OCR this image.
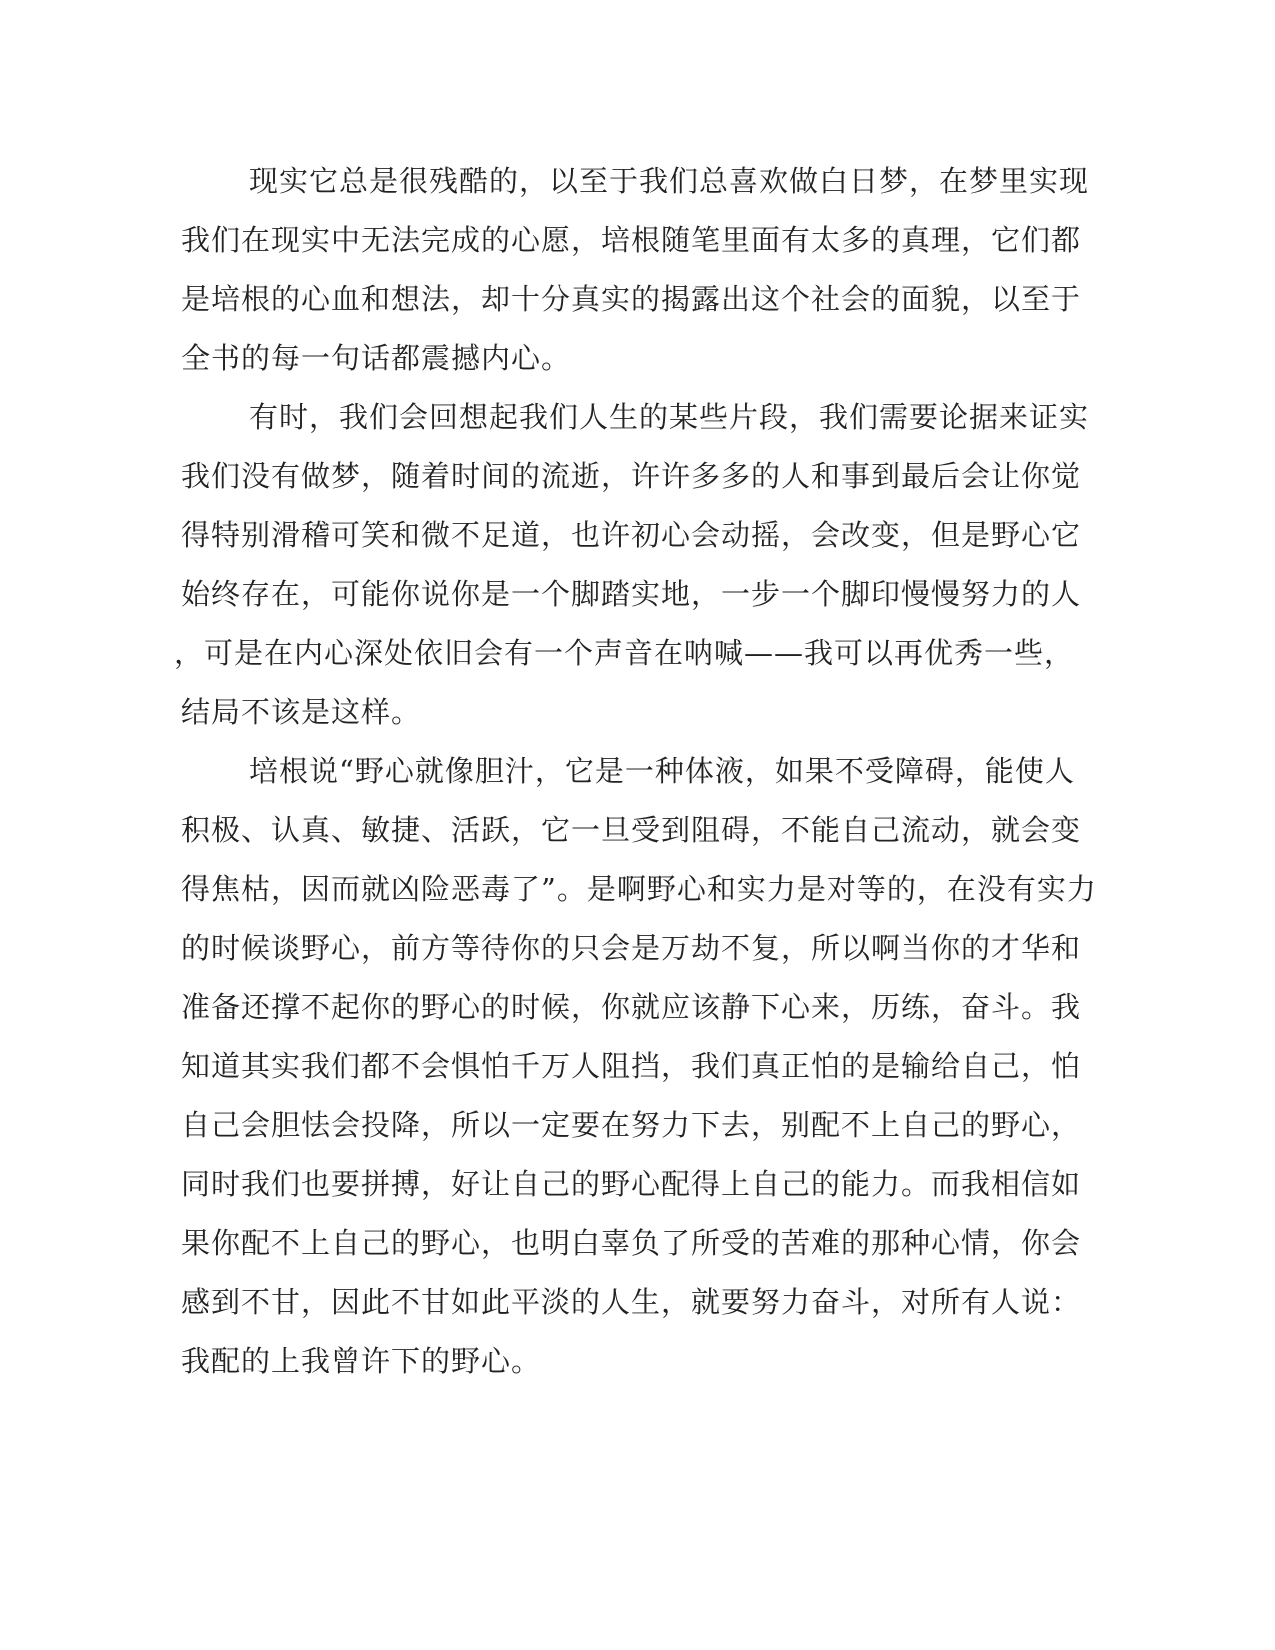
现实它总是很残酷的，以至于我们总喜欢做白日梦，在梦里实现
我们在现实中无法完成的心愿，培根随笔里面有太多的真理，它们都
是培根的心血和想法，却十分真实的揭露出这个社会的面貌，以至于
全书的每一句话都震撼内心。
有时，我们会回想起我们人生的某些片段，我们需要论据来证实
我们没有做梦，随着时间的流逝，许许多多的人和事到最后会让你觉
得特别滑稽可笑和微不足道，也许初心会动摇，会改变，但是野心它
始终存在，可能你说你是一个脚踏实地，一步一个脚印慢慢努力的人
，可是在内心深处依旧会有一个声音在呐喊——我可以再优秀一些，
结局不该是这样。
培根说“野心就像胆汁，它是一种体液，如果不受障碍，能使人
积极、认真、敏捷、活跃，它一旦受到阻碍，不能自己流动，就会变
得焦枯，因而就凶险恶毒了”。是啊野心和实力是对等的，在没有实力
的时候谈野心，前方等待你的只会是万劫不复，所以啊当你的才华和
准备还撑不起你的野心的时候，你就应该静下心来，历练，奋斗。我
知道其实我们都不会惧怕千万人阻挡，我们真正怕的是输给自己，怕
自己会胆怯会投降，所以一定要在努力下去，别配不上自己的野心，
同时我们也要拼搏，好让自己的野心配得上自己的能力。而我相信如
果你配不上自己的野心，也明白辜负了所受的苦难的那种心情，你会
感到不甘，因此不甘如此平淡的人生，就要努力奋斗，对所有人说：
我配的上我曾许下的野心。
